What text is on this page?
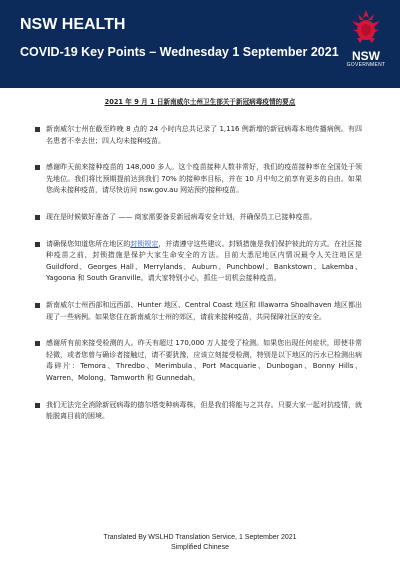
NSW HEALTH
COVID-19 Key Points – Wednesday 1 September 2021	NSW
GOVERNMENT
2021 年 9 月 1 日新南威尔士州卫生部关于新冠病毒疫情的要点
新南威尔士州在截至昨晚 8 点的 24 小时内总共记录了 1,116 例新增的新冠病毒本地传播病例。有四名患者不幸去世；四人均未接种疫苗。
感谢昨天前来接种疫苗的 148,000 多人。这个疫苗接种人数非常好，我们的疫苗接种率在全国处于领先地位。我们将比预期提前达到我们 70% 的接种率目标，并在 10 月中旬之前享有更多的自由。如果您尚未接种疫苗，请尽快访问 nsw.gov.au 网站预约接种疫苗。
现在是时候做好准备了 —— 商家需要备妥新冠病毒安全计划，并确保员工已接种疫苗。
请确保您知道您所在地区的封锁规定，并请遵守这些建议。封锁措施是我们保护彼此的方式。在社区接种疫苗之前，封锁措施是保护大家生命安全的方法。目前大悉尼地区内情况最令人关注地区是 Guildford、Georges Hall、Merrylands、Auburn、Punchbowl、Bankstown、Lakemba、Yagoona 和 South Granville。请大家特别小心，抓住一切机会接种疫苗。
新南威尔士州西部和远西部、Hunter 地区、Central Coast 地区和 Illawarra Shoalhaven 地区都出现了一些病例。如果您住在新南威尔士州的郊区，请前来接种疫苗，共同保障社区的安全。
感谢所有前来接受检测的人。昨天有超过 170,000 万人接受了检测。如果您出现任何症状，即使非常轻微，或者您曾与确诊者接触过，请不要犹豫，应该立刻接受检测，特别是以下地区的污水已检测出病毒碎片：Temora、Thredbo、Merimbula、Port Macquarie、Dunbogan、Bonny Hills、Warren、Molong、Tamworth 和 Gunnedah。
我们无法完全消除新冠病毒的德尔塔变种病毒株，但是我们将能与之共存。只要大家一起对抗疫情，就能脱离目前的困境。
Translated By WSLHD Translation Service, 1 September 2021
Simplified Chinese
